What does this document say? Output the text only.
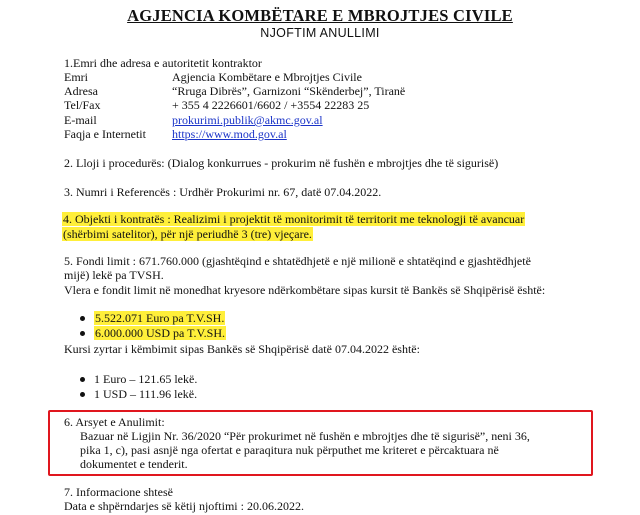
AGJENCIA KOMBËTARE E MBROJTJES CIVILE
NJOFTIM ANULLIMI
1.Emri dhe adresa e autoritetit kontraktor
Emri	Agjencia Kombëtare e Mbrojtjes Civile
Adresa	“Rruga Dibrës”, Garnizoni “Skënderbej”, Tiranë
Tel/Fax	+ 355 4 2226601/6602 / +3554 22283 25
E-mail	prokurimi.publik@akmc.gov.al
Faqja e Internetit https://www.mod.gov.al
2. Lloji i procedurës: (Dialog konkurrues - prokurim në fushën e mbrojtjes dhe të sigurisë)
3. Numri i Referencës : Urdhër Prokurimi nr. 67, datë 07.04.2022.
4. Objekti i kontratës : Realizimi i projektit të monitorimit të territorit me teknologji të avancuar
(shërbimi satelitor), për një periudhë 3 (tre) vjeçare.
5. Fondi limit : 671.760.000 (gjashtëqind e shtatëdhjetë e një milionë e shtatëqind e gjashtëdhjetë
mijë) lekë pa TVSH.
Vlera e fondit limit në monedhat kryesore ndërkombëtare sipas kursit të Bankës së Shqipërisë është:
5.522.071 Euro pa T.V.SH.
6.000.000 USD pa T.V.SH.
Kursi zyrtar i këmbimit sipas Bankës së Shqipërisë datë 07.04.2022 është:
1 Euro – 121.65 lekë.
1 USD – 111.96 lekë.
6. Arsyet e Anulimit:
Bazuar në Ligjin Nr. 36/2020 “Për prokurimet në fushën e mbrojtjes dhe të sigurisë”, neni 36,
pika 1, c), pasi asnjë nga ofertat e paraqitura nuk përputhet me kriteret e përcaktuara në
dokumentet e tenderit.
7. Informacione shtesë
Data e shpërndarjes së këtij njoftimi : 20.06.2022.
